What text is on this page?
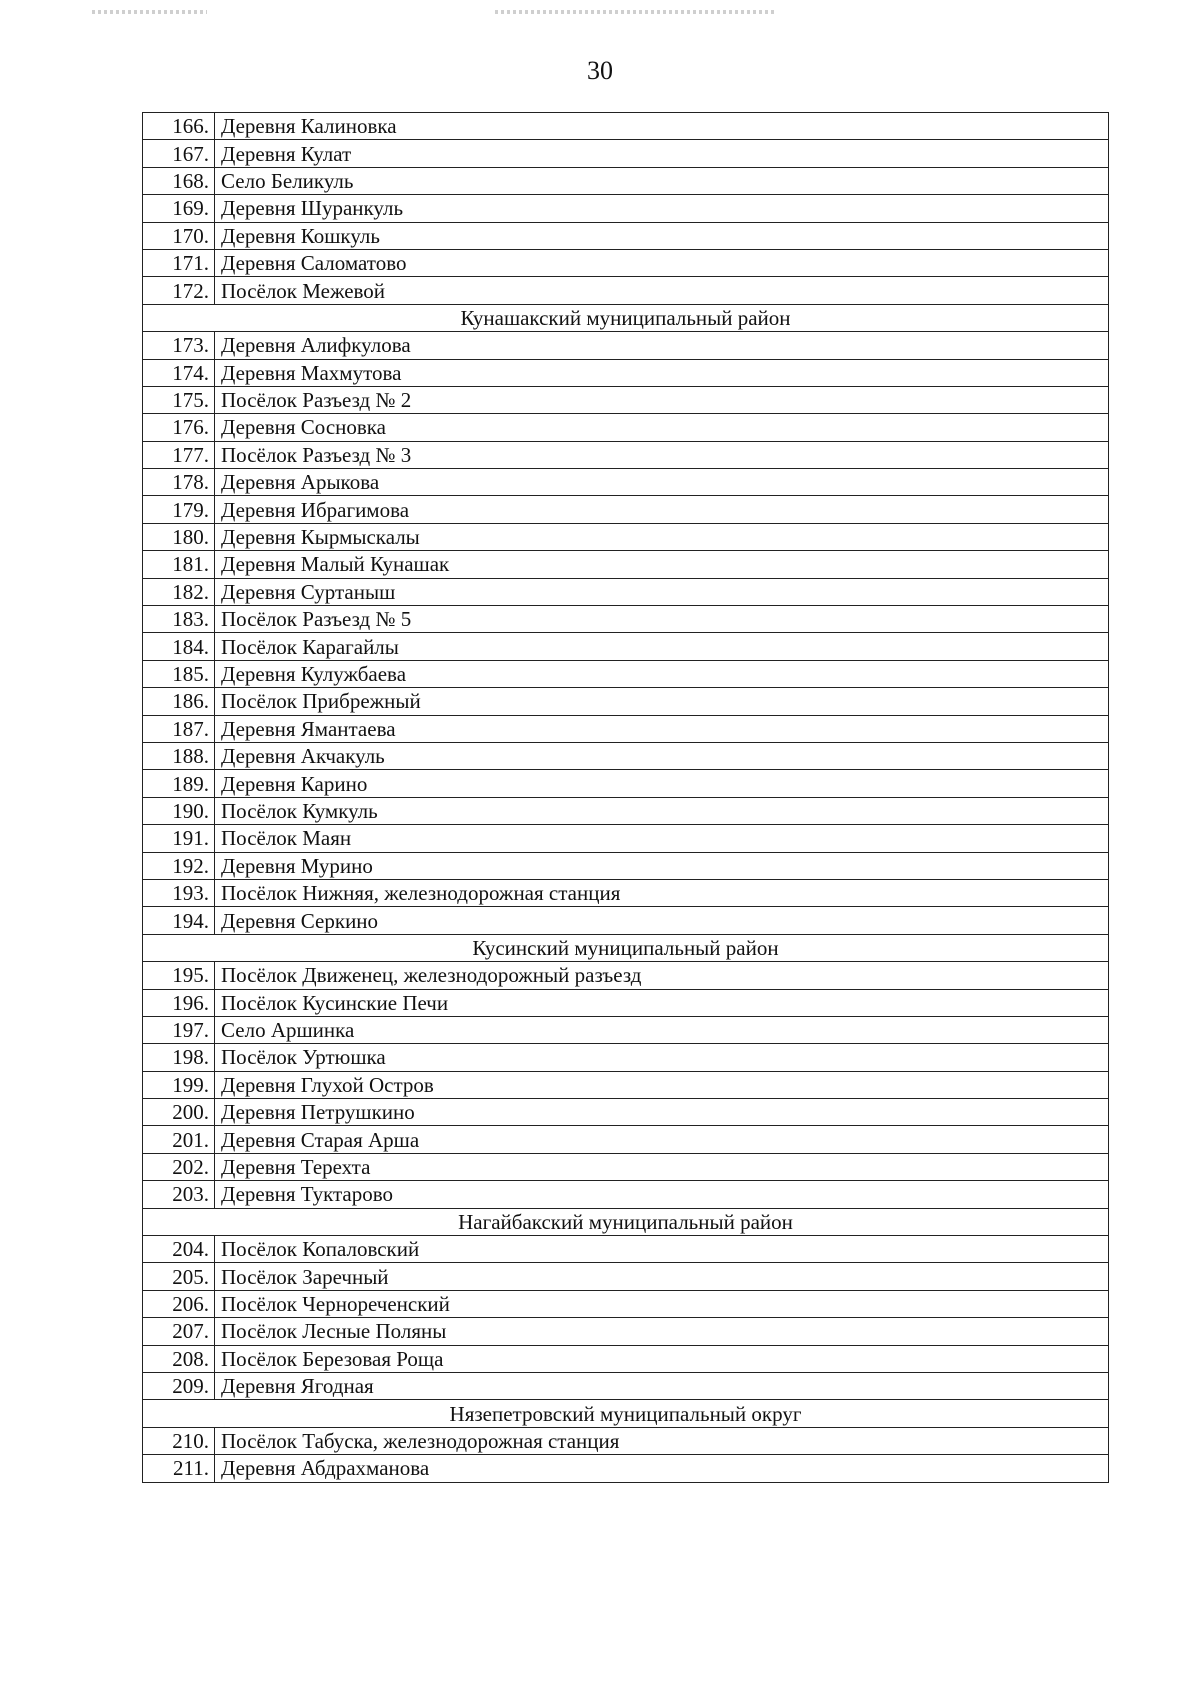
30
166.	Деревня Калиновка
167.	Деревня Кулат
168.	Село Беликуль
169.	Деревня Шуранкуль
170.	Деревня Кошкуль
171.	Деревня Саломатово
172.	Посёлок Межевой
Кунашакский муниципальный район	
173.	Деревня Алифкулова
174.	Деревня Махмутова
175.	Посёлок Разъезд № 2
176.	Деревня Сосновка
177.	Посёлок Разъезд № 3
178.	Деревня Арыкова
179.	Деревня Ибрагимова
180.	Деревня Кырмыскалы
181.	Деревня Малый Кунашак
182.	Деревня Суртаныш
183.	Посёлок Разъезд № 5
184.	Посёлок Карагайлы
185.	Деревня Кулужбаева
186.	Посёлок Прибрежный
187.	Деревня Ямантаева
188.	Деревня Акчакуль
189.	Деревня Карино
190.	Посёлок Кумкуль
191.	Посёлок Маян
192.	Деревня Мурино
193.	Посёлок Нижняя, железнодорожная станция
194.	Деревня Серкино
Кусинский муниципальный район	
195.	Посёлок Движенец, железнодорожный разъезд
196.	Посёлок Кусинские Печи
197.	Село Аршинка
198.	Посёлок Уртюшка
199.	Деревня Глухой Остров
200.	Деревня Петрушкино
201.	Деревня Старая Арша
202.	Деревня Терехта
203.	Деревня Туктарово
Нагайбакский муниципальный район	
204.	Посёлок Копаловский
205.	Посёлок Заречный
206.	Посёлок Чернореченский
207.	Посёлок Лесные Поляны
208.	Посёлок Березовая Роща
209.	Деревня Ягодная
Нязепетровский муниципальный округ	
210.	Посёлок Табуска, железнодорожная станция
211.	Деревня Абдрахманова
